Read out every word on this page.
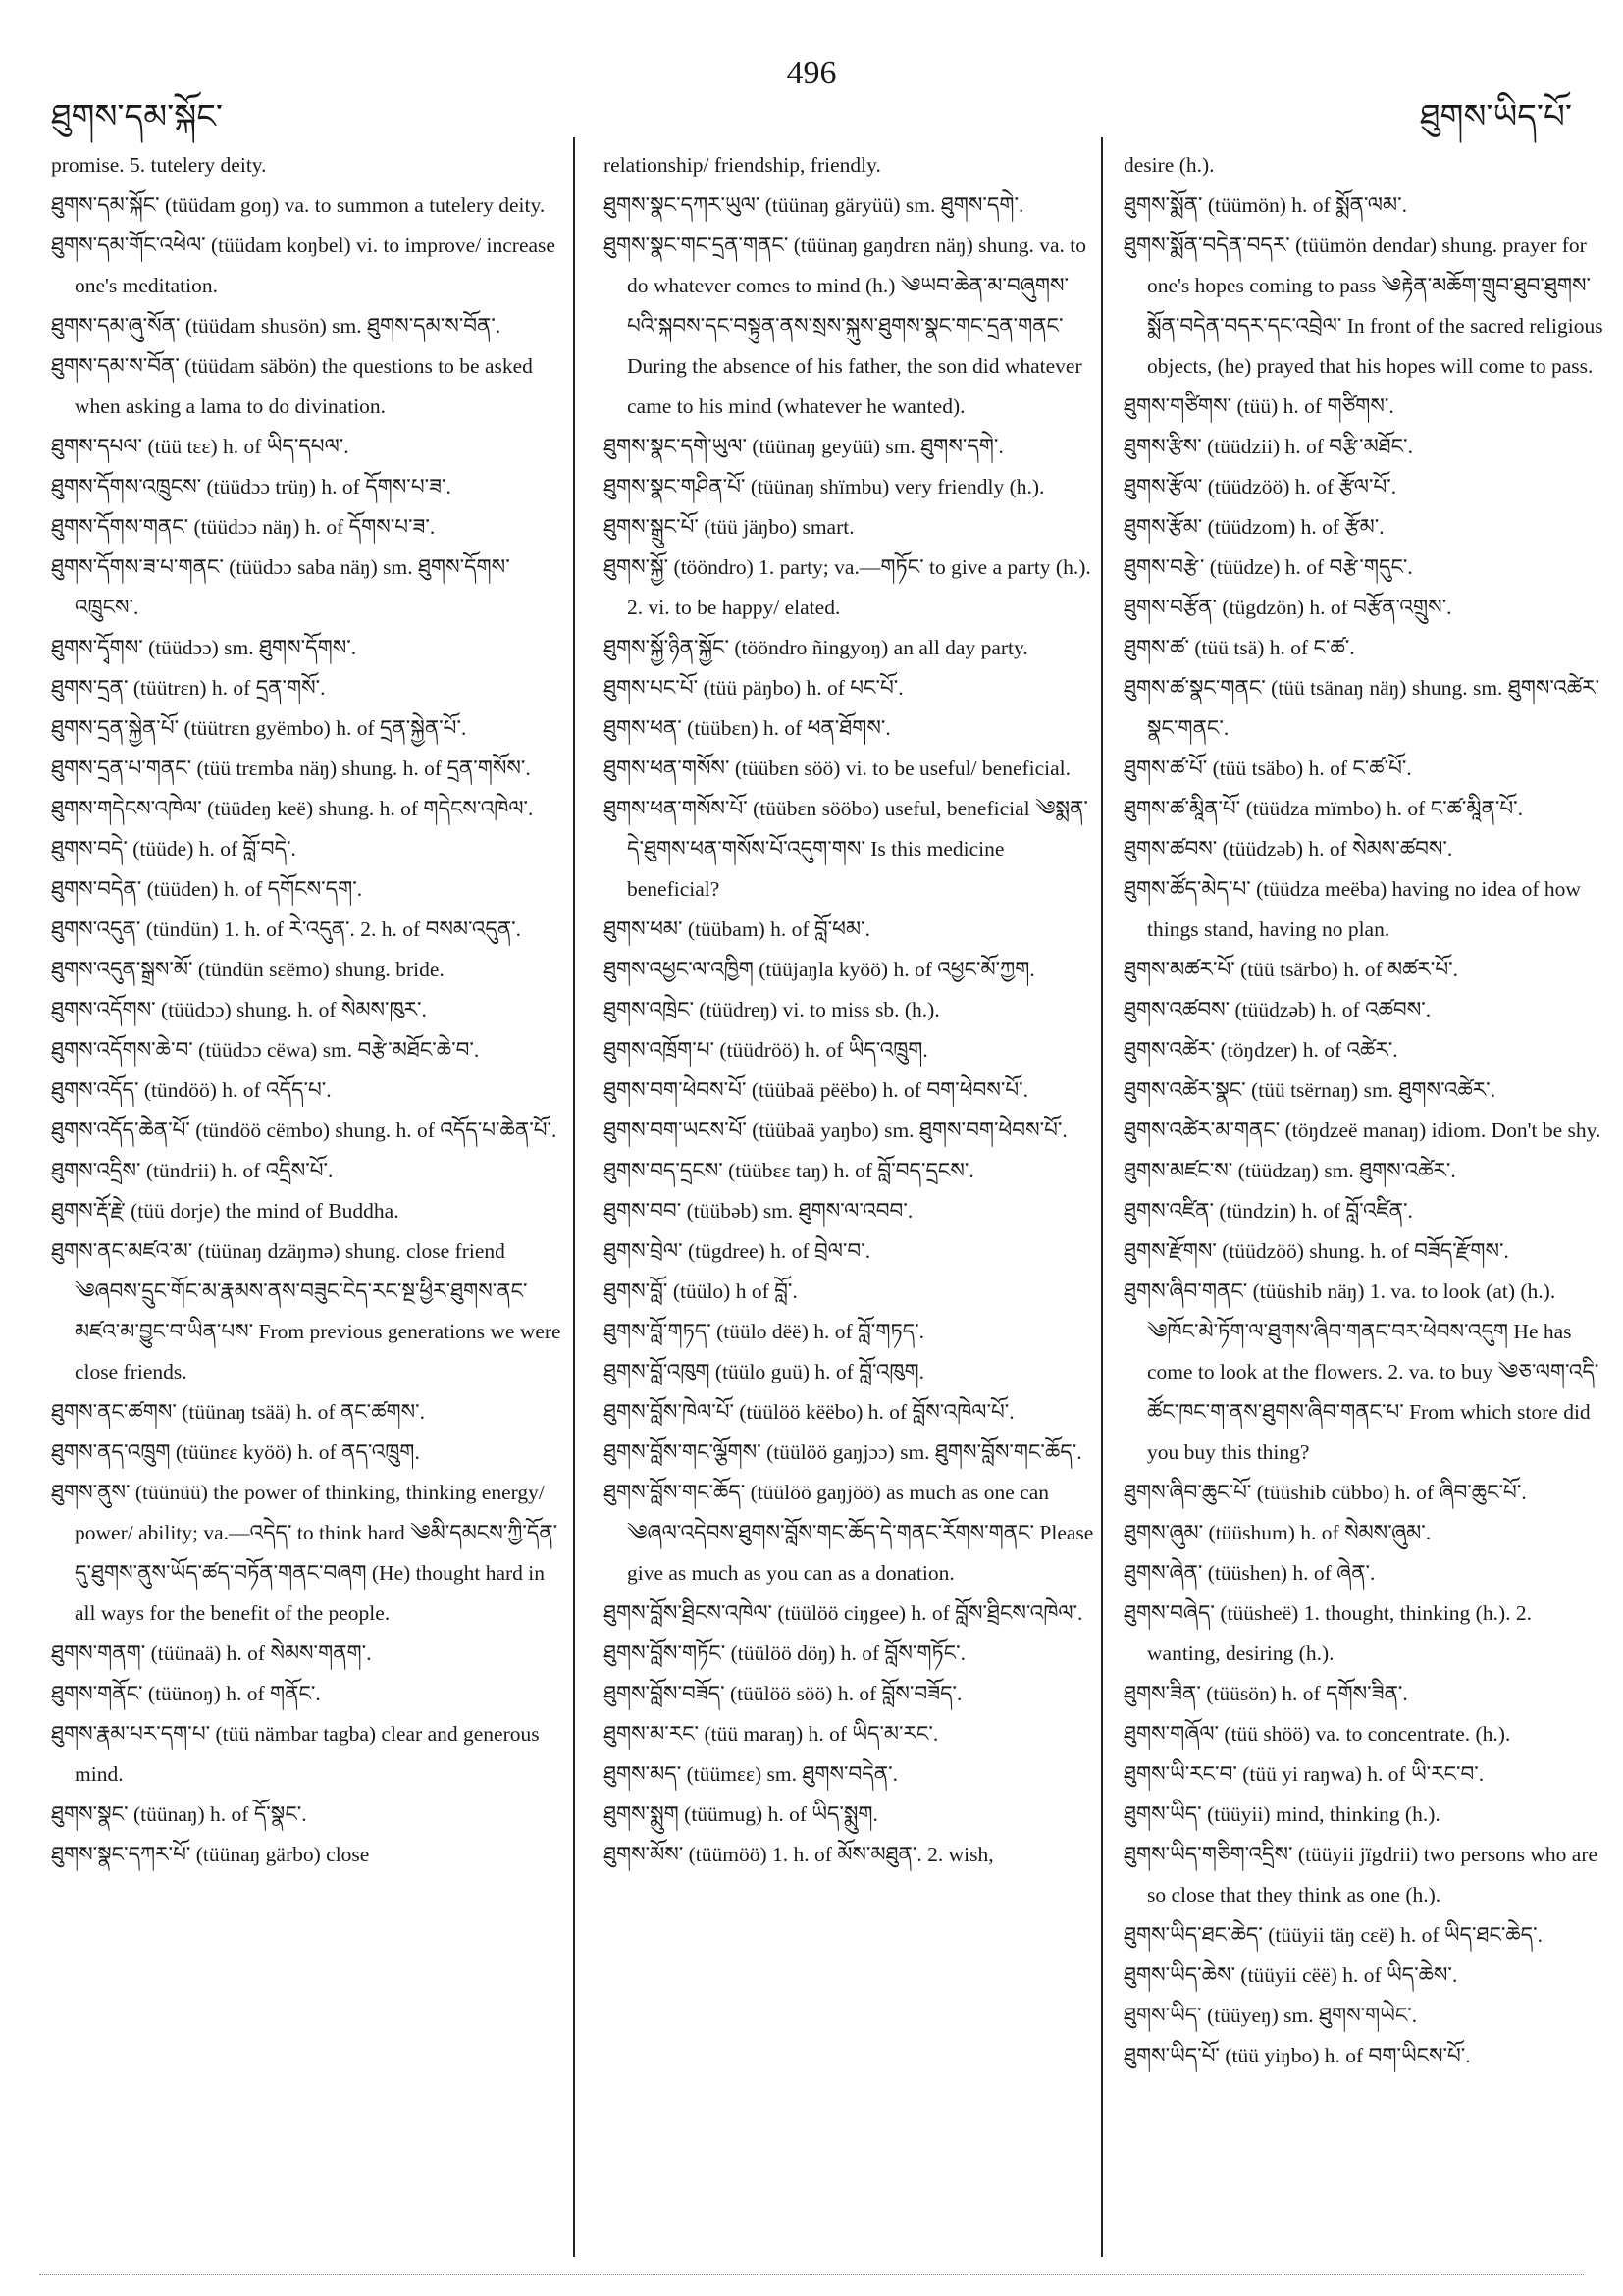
ཐུགས་དམ་སྐོང་
496
ཐུགས་ཡིད་པོ་
promise. 5. tutelery deity.
ཐུགས་དམ་སྐོང་ (tüüdam goŋ) va. to summon a tutelery deity.
ཐུགས་དམ་གོང་འཕེལ་ (tüüdam koŋbel) vi. to improve/ increase one's meditation.
ཐུགས་དམ་ཞུ་སོན་ (tüüdam shusön) sm. ཐུགས་དམ་ས་བོན་.
ཐུགས་དམ་ས་བོན་ (tüüdam säbön) the questions to be asked when asking a lama to do divination.
ཐུགས་དཔལ་ (tüü tεε) h. of ཡིད་དཔལ་.
ཐུགས་དོགས་འཁྲུངས་ (tüüdɔɔ trüŋ) h. of དོགས་པ་ཟ་.
ཐུགས་དོགས་གནང་ (tüüdɔɔ näŋ) h. of དོགས་པ་ཟ་.
ཐུགས་དོགས་ཟ་པ་གནང་ (tüüdɔɔ saba näŋ) sm. ཐུགས་དོགས་འཁྲུངས་.
ཐུགས་དྭོགས་ (tüüdɔɔ) sm. ཐུགས་དོགས་.
ཐུགས་དྲན་ (tüütrεn) h. of དྲན་གསོ་.
ཐུགས་དྲན་སྐྱེན་པོ་ (tüütrεn gyëmbo) h. of དྲན་སྐྱེན་པོ་.
ཐུགས་དྲན་པ་གནང་ (tüü trεmba näŋ) shung. h. of དྲན་གསོས་.
ཐུགས་གདེངས་འཁེལ་ (tüüdeŋ keë) shung. h. of གདེངས་འཁེལ་.
ཐུགས་བདེ་ (tüüde) h. of བློ་བདེ་.
ཐུགས་བདེན་ (tüüden) h. of དགོངས་དག་.
ཐུགས་འདུན་ (tündün) 1. h. of རེ་འདུན་. 2. h. of བསམ་འདུན་.
ཐུགས་འདུན་སྒྲས་མོ་ (tündün sεëmo) shung. bride.
ཐུགས་འདོགས་ (tüüdɔɔ) shung. h. of སེམས་ཁུར་.
ཐུགས་འདོགས་ཆེ་བ་ (tüüdɔɔ cëwa) sm. བརྩེ་མཐོང་ཆེ་བ་.
ཐུགས་འདོད་ (tündöö) h. of འདོད་པ་.
ཐུགས་འདོད་ཆེན་པོ་ (tündöö cëmbo) shung. h. of འདོད་པ་ཆེན་པོ་.
ཐུགས་འདྲིས་ (tündrii) h. of འདྲིས་པོ་.
ཐུགས་རྡོ་རྗེ་ (tüü dorje) the mind of Buddha.
ཐུགས་ནང་མཛའ་མ་ (tüünaŋ dzäŋmə) shung. close friend ༄ཞབས་དྲུང་གོང་མ་རྣམས་ནས་བཟུང་ངེད་རང་སྔ་ཕྱིར་ཐུགས་ནང་མཛའ་མ་བྱུང་བ་ཡིན་པས་ From previous generations we were close friends.
ཐུགས་ནང་ཚགས་ (tüünaŋ tsää) h. of ནང་ཚགས་.
ཐུགས་ནད་འཁྲུག (tüünεε kyöö) h. of ནད་འཁྲུག.
ཐུགས་ནུས་ (tüünüü) the power of thinking, thinking energy/ power/ ability; va.—འདེད་ to think hard ༄མི་དམངས་ཀྱི་དོན་དུ་ཐུགས་ནུས་ཡོད་ཚད་བཏོན་གནང་བཞག (He) thought hard in all ways for the benefit of the people.
ཐུགས་གནག་ (tüünaä) h. of སེམས་གནག་.
ཐུགས་གནོང་ (tüünoŋ) h. of གནོང་.
ཐུགས་རྣམ་པར་དག་པ་ (tüü nämbar tagba) clear and generous mind.
ཐུགས་སྣང་ (tüünaŋ) h. of དོ་སྣང་.
ཐུགས་སྣང་དཀར་པོ་ (tüünaŋ gärbo) close
relationship/ friendship, friendly.
ཐུགས་སྣང་དཀར་ཡུལ་ (tüünaŋ gäryüü) sm. ཐུགས་དགེ་.
ཐུགས་སྣང་གང་དྲན་གནང་ (tüünaŋ gaŋdrεn näŋ) shung. va. to do whatever comes to mind (h.) ༄ཡབ་ཆེན་མ་བཞུགས་པའི་སྐབས་དང་བསྟུན་ནས་སྲས་སྐུས་ཐུགས་སྣང་གང་དྲན་གནང་ During the absence of his father, the son did whatever came to his mind (whatever he wanted).
ཐུགས་སྣང་དགེ་ཡུལ་ (tüünaŋ geyüü) sm. ཐུགས་དགེ་.
ཐུགས་སྣང་གཤིན་པོ་ (tüünaŋ shïmbu) very friendly (h.).
ཐུགས་སྒྲུང་པོ་ (tüü jäŋbo) smart.
ཐུགས་སྐྱོ་ (tööndro) 1. party; va.—གཏོང་ to give a party (h.). 2. vi. to be happy/ elated.
ཐུགས་སྐྱོ་ཉིན་སྐྱོང་ (tööndro ñingyoŋ) an all day party.
ཐུགས་པང་པོ་ (tüü päŋbo) h. of པང་པོ་.
ཐུགས་ཕན་ (tüübεn) h. of ཕན་ཐོགས་.
ཐུགས་ཕན་གསོས་ (tüübεn söö) vi. to be useful/ beneficial.
ཐུགས་ཕན་གསོས་པོ་ (tüübεn sööbo) useful, beneficial ༄སྨན་དེ་ཐུགས་ཕན་གསོས་པོ་འདུག་གས་ Is this medicine beneficial?
ཐུགས་ཕམ་ (tüübam) h. of བློ་ཕམ་.
ཐུགས་འཕྱང་ལ་འཁྱིག (tüüjaŋla kyöö) h. of འཕྱང་མོ་ཀྱག.
ཐུགས་འཁྲེང་ (tüüdreŋ) vi. to miss sb. (h.).
ཐུགས་འཁྲོག་པ་ (tüüdröö) h. of ཡིད་འཁྲུག.
ཐུགས་བག་ཕེབས་པོ་ (tüübaä pëëbo) h. of བག་ཕེབས་པོ་.
ཐུགས་བག་ཡངས་པོ་ (tüübaä yaŋbo) sm. ཐུགས་བག་ཕེབས་པོ་.
ཐུགས་བད་དྲངས་ (tüübεε taŋ) h. of བློ་བད་དྲངས་.
ཐུགས་བབ་ (tüübəb) sm. ཐུགས་ལ་འབབ་.
ཐུགས་བྲེལ་ (tügdree) h. of བྲེལ་བ་.
ཐུགས་བློ་ (tüülo) h of བློ་.
ཐུགས་བློ་གཏད་ (tüülo dëë) h. of བློ་གཏད་.
ཐུགས་བློ་འཁུག (tüülo guü) h. of བློ་འཁུག.
ཐུགས་བློས་ཁེལ་པོ་ (tüülöö këëbo) h. of བློས་འཁེལ་པོ་.
ཐུགས་བློས་གང་ལྕོགས་ (tüülöö gaŋjɔɔ) sm. ཐུགས་བློས་གང་ཆོད་.
ཐུགས་བློས་གང་ཆོད་ (tüülöö gaŋjöö) as much as one can ༄ཞལ་འདེབས་ཐུགས་བློས་གང་ཆོད་དེ་གནང་རོགས་གནང་ Please give as much as you can as a donation.
ཐུགས་བློས་ཐྲིངས་འཁེལ་ (tüülöö ciŋgee) h. of བློས་ཐྲིངས་འཁེལ་.
ཐུགས་བློས་གཏོང་ (tüülöö döŋ) h. of བློས་གཏོང་.
ཐུགས་བློས་བཟོད་ (tüülöö söö) h. of བློས་བཟོད་.
ཐུགས་མ་རང་ (tüü maraŋ) h. of ཡིད་མ་རང་.
ཐུགས་མད་ (tüümεε) sm. ཐུགས་བདེན་.
ཐུགས་སྨུག (tüümug) h. of ཡིད་སྨུག.
ཐུགས་མོས་ (tüümöö) 1. h. of མོས་མཐུན་. 2. wish,
desire (h.).
ཐུགས་སྨོན་ (tüümön) h. of སྨོན་ལམ་.
ཐུགས་སྨོན་བདེན་བདར་ (tüümön dendar) shung. prayer for one's hopes coming to pass ༄རྟེན་མཆོག་གྲུབ་ཐུབ་ཐུགས་སྨོན་བདེན་བདར་དང་འབྲེལ་ In front of the sacred religious objects, (he) prayed that his hopes will come to pass.
ཐུགས་གཙིགས་ (tüü) h. of གཙིགས་.
ཐུགས་རྩིས་ (tüüdzii) h. of བརྩི་མཐོང་.
ཐུགས་རྩོལ་ (tüüdzöö) h. of རྩོལ་པོ་.
ཐུགས་རྩོམ་ (tüüdzom) h. of རྩོམ་.
ཐུགས་བརྩེ་ (tüüdze) h. of བརྩེ་གདུང་.
ཐུགས་བརྩོན་ (tügdzön) h. of བརྩོན་འགྲུས་.
ཐུགས་ཚ་ (tüü tsä) h. of ང་ཚ་.
ཐུགས་ཚ་སྣང་གནང་ (tüü tsänaŋ näŋ) shung. sm. ཐུགས་འཚེར་སྣང་གནང་.
ཐུགས་ཚ་པོ་ (tüü tsäbo) h. of ང་ཚ་པོ་.
ཐུགས་ཚ་མཱིན་པོ་ (tüüdza mïmbo) h. of ང་ཚ་མཱིན་པོ་.
ཐུགས་ཚབས་ (tüüdzəb) h. of སེམས་ཚབས་.
ཐུགས་ཚོད་མེད་པ་ (tüüdza meëba) having no idea of how things stand, having no plan.
ཐུགས་མཚར་པོ་ (tüü tsärbo) h. of མཚར་པོ་.
ཐུགས་འཚབས་ (tüüdzəb) h. of འཚབས་.
ཐུགས་འཚེར་ (töŋdzer) h. of འཚེར་.
ཐུགས་འཚེར་སྣང་ (tüü tsërnaŋ) sm. ཐུགས་འཚེར་.
ཐུགས་འཚེར་མ་གནང་ (töŋdzeë manaŋ) idiom. Don't be shy.
ཐུགས་མཛང་ས་ (tüüdzaŋ) sm. ཐུགས་འཚེར་.
ཐུགས་འཛིན་ (tündzin) h. of བློ་འཛིན་.
ཐུགས་རྫོགས་ (tüüdzöö) shung. h. of བཟོད་རྫོགས་.
ཐུགས་ཞིབ་གནང་ (tüüshib näŋ) 1. va. to look (at) (h.). ༄ཁོང་མེ་ཏོག་ལ་ཐུགས་ཞིབ་གནང་བར་ཕེབས་འདུག He has come to look at the flowers. 2. va. to buy ༄ཅ་ལག་འདི་ཚོང་ཁང་ག་ནས་ཐུགས་ཞིབ་གནང་པ་ From which store did you buy this thing?
ཐུགས་ཞིབ་ཆུང་པོ་ (tüüshib cübbo) h. of ཞིབ་ཆུང་པོ་.
ཐུགས་ཞུམ་ (tüüshum) h. of སེམས་ཞུམ་.
ཐུགས་ཞེན་ (tüüshen) h. of ཞེན་.
ཐུགས་བཞེད་ (tüüsheë) 1. thought, thinking (h.). 2. wanting, desiring (h.).
ཐུགས་ཟིན་ (tüüsön) h. of དགོས་ཟིན་.
ཐུགས་གཞོལ་ (tüü shöö) va. to concentrate. (h.).
ཐུགས་ཡི་རང་བ་ (tüü yi raŋwa) h. of ཡི་རང་བ་.
ཐུགས་ཡིད་ (tüüyii) mind, thinking (h.).
ཐུགས་ཡིད་གཅིག་འདྲིས་ (tüüyii jïgdrii) two persons who are so close that they think as one (h.).
ཐུགས་ཡིད་ཐང་ཆེད་ (tüüyii täŋ cεë) h. of ཡིད་ཐང་ཆེད་.
ཐུགས་ཡིད་ཆེས་ (tüüyii cëë) h. of ཡིད་ཆེས་.
ཐུགས་ཡིད་ (tüüyeŋ) sm. ཐུགས་གཡེང་.
ཐུགས་ཡིད་པོ་ (tüü yiŋbo) h. of བག་ཡིངས་པོ་.
